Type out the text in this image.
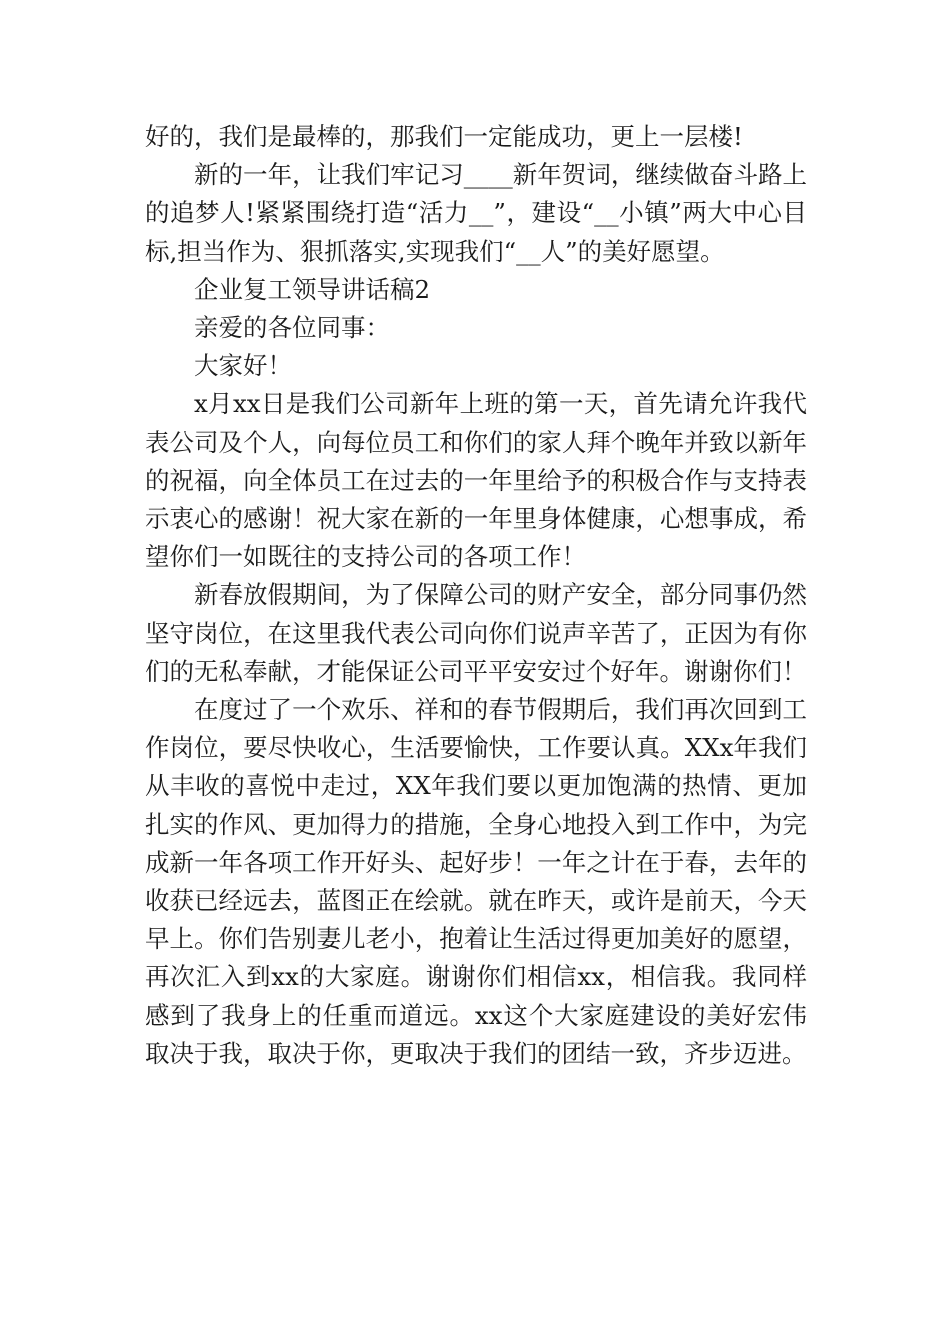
好的，我们是最棒的，那我们一定能成功，更上一层楼!

新的一年，让我们牢记习____新年贺词，继续做奋斗路上的追梦人!紧紧围绕打造“活力__”，建设“__小镇”两大中心目标,担当作为、狠抓落实,实现我们“__人”的美好愿望。

企业复工领导讲话稿2

亲爱的各位同事：

大家好！

x月xx日是我们公司新年上班的第一天，首先请允许我代表公司及个人，向每位员工和你们的家人拜个晚年并致以新年的祝福，向全体员工在过去的一年里给予的积极合作与支持表示衷心的感谢！祝大家在新的一年里身体健康，心想事成，希望你们一如既往的支持公司的各项工作！

新春放假期间，为了保障公司的财产安全，部分同事仍然坚守岗位，在这里我代表公司向你们说声辛苦了，正因为有你们的无私奉献，才能保证公司平平安安过个好年。谢谢你们！

在度过了一个欢乐、祥和的春节假期后，我们再次回到工作岗位，要尽快收心，生活要愉快，工作要认真。XXx年我们从丰收的喜悦中走过，XX年我们要以更加饱满的热情、更加扎实的作风、更加得力的措施，全身心地投入到工作中，为完成新一年各项工作开好头、起好步！一年之计在于春，去年的收获已经远去，蓝图正在绘就。就在昨天，或许是前天，今天早上。你们告别妻儿老小，抱着让生活过得更加美好的愿望，再次汇入到xx的大家庭。谢谢你们相信xx，相信我。我同样感到了我身上的任重而道远。xx这个大家庭建设的美好宏伟取决于我，取决于你，更取决于我们的团结一致，齐步迈进。
